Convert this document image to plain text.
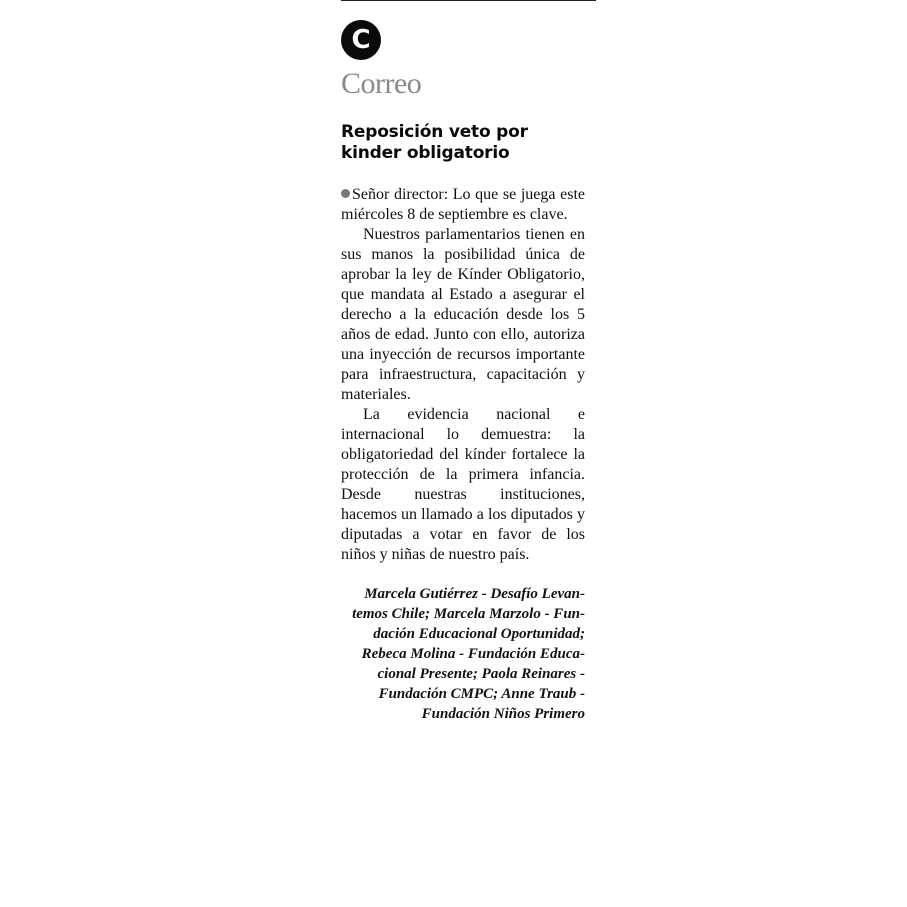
C
Correo
Reposición veto por kinder obligatorio

Señor director: Lo que se juega este miércoles 8 de septiembre es clave.

Nuestros parlamentarios tienen en sus manos la posibilidad única de aprobar la ley de Kínder Obligatorio, que mandata al Estado a asegurar el derecho a la educación desde los 5 años de edad. Junto con ello, autoriza una inyección de recursos importante para infraestructura, capacitación y materiales.

La evidencia nacional e internacional lo demuestra: la obligatoriedad del kínder fortalece la protección de la primera infancia. Desde nuestras instituciones, hacemos un llamado a los diputados y diputadas a votar en favor de los niños y niñas de nuestro país.

Marcela Gutiérrez - Desafío Levan-
temos Chile; Marcela Marzolo - Fun-
dación Educacional Oportunidad;
Rebeca Molina - Fundación Educa-
cional Presente; Paola Reinares -
Fundación CMPC; Anne Traub -
Fundación Niños Primero
